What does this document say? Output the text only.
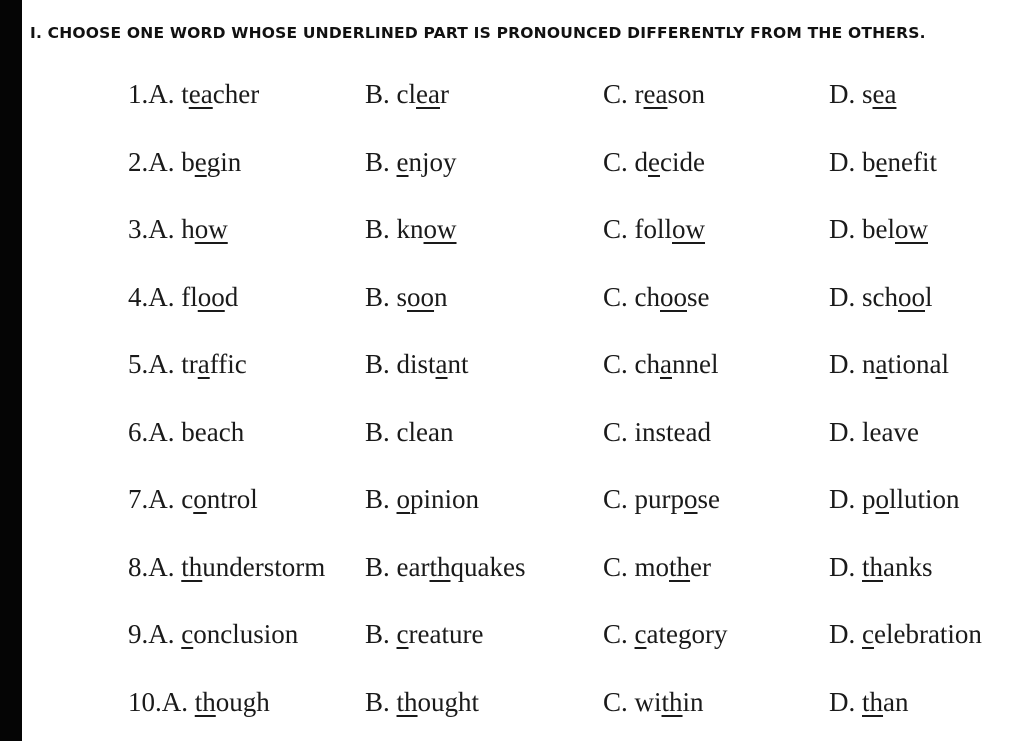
I. CHOOSE ONE WORD WHOSE UNDERLINED PART IS PRONOUNCED DIFFERENTLY FROM THE OTHERS.
1.A. teacher	B. clear	C. reason	D. sea
2.A. begin	B. enjoy	C. decide	D. benefit
3.A. how	B. know	C. follow	D. below
4.A. flood	B. soon	C. choose	D. school
5.A. traffic	B. distant	C. channel	D. national
6.A. beach	B. clean	C. instead	D. leave
7.A. control	B. opinion	C. purpose	D. pollution
8.A. thunderstorm B. earthquakes	C. mother	D. thanks
9.A. conclusion B. creature	C. category	D. celebration
10.A. though	B. thought	C. within	D. than
